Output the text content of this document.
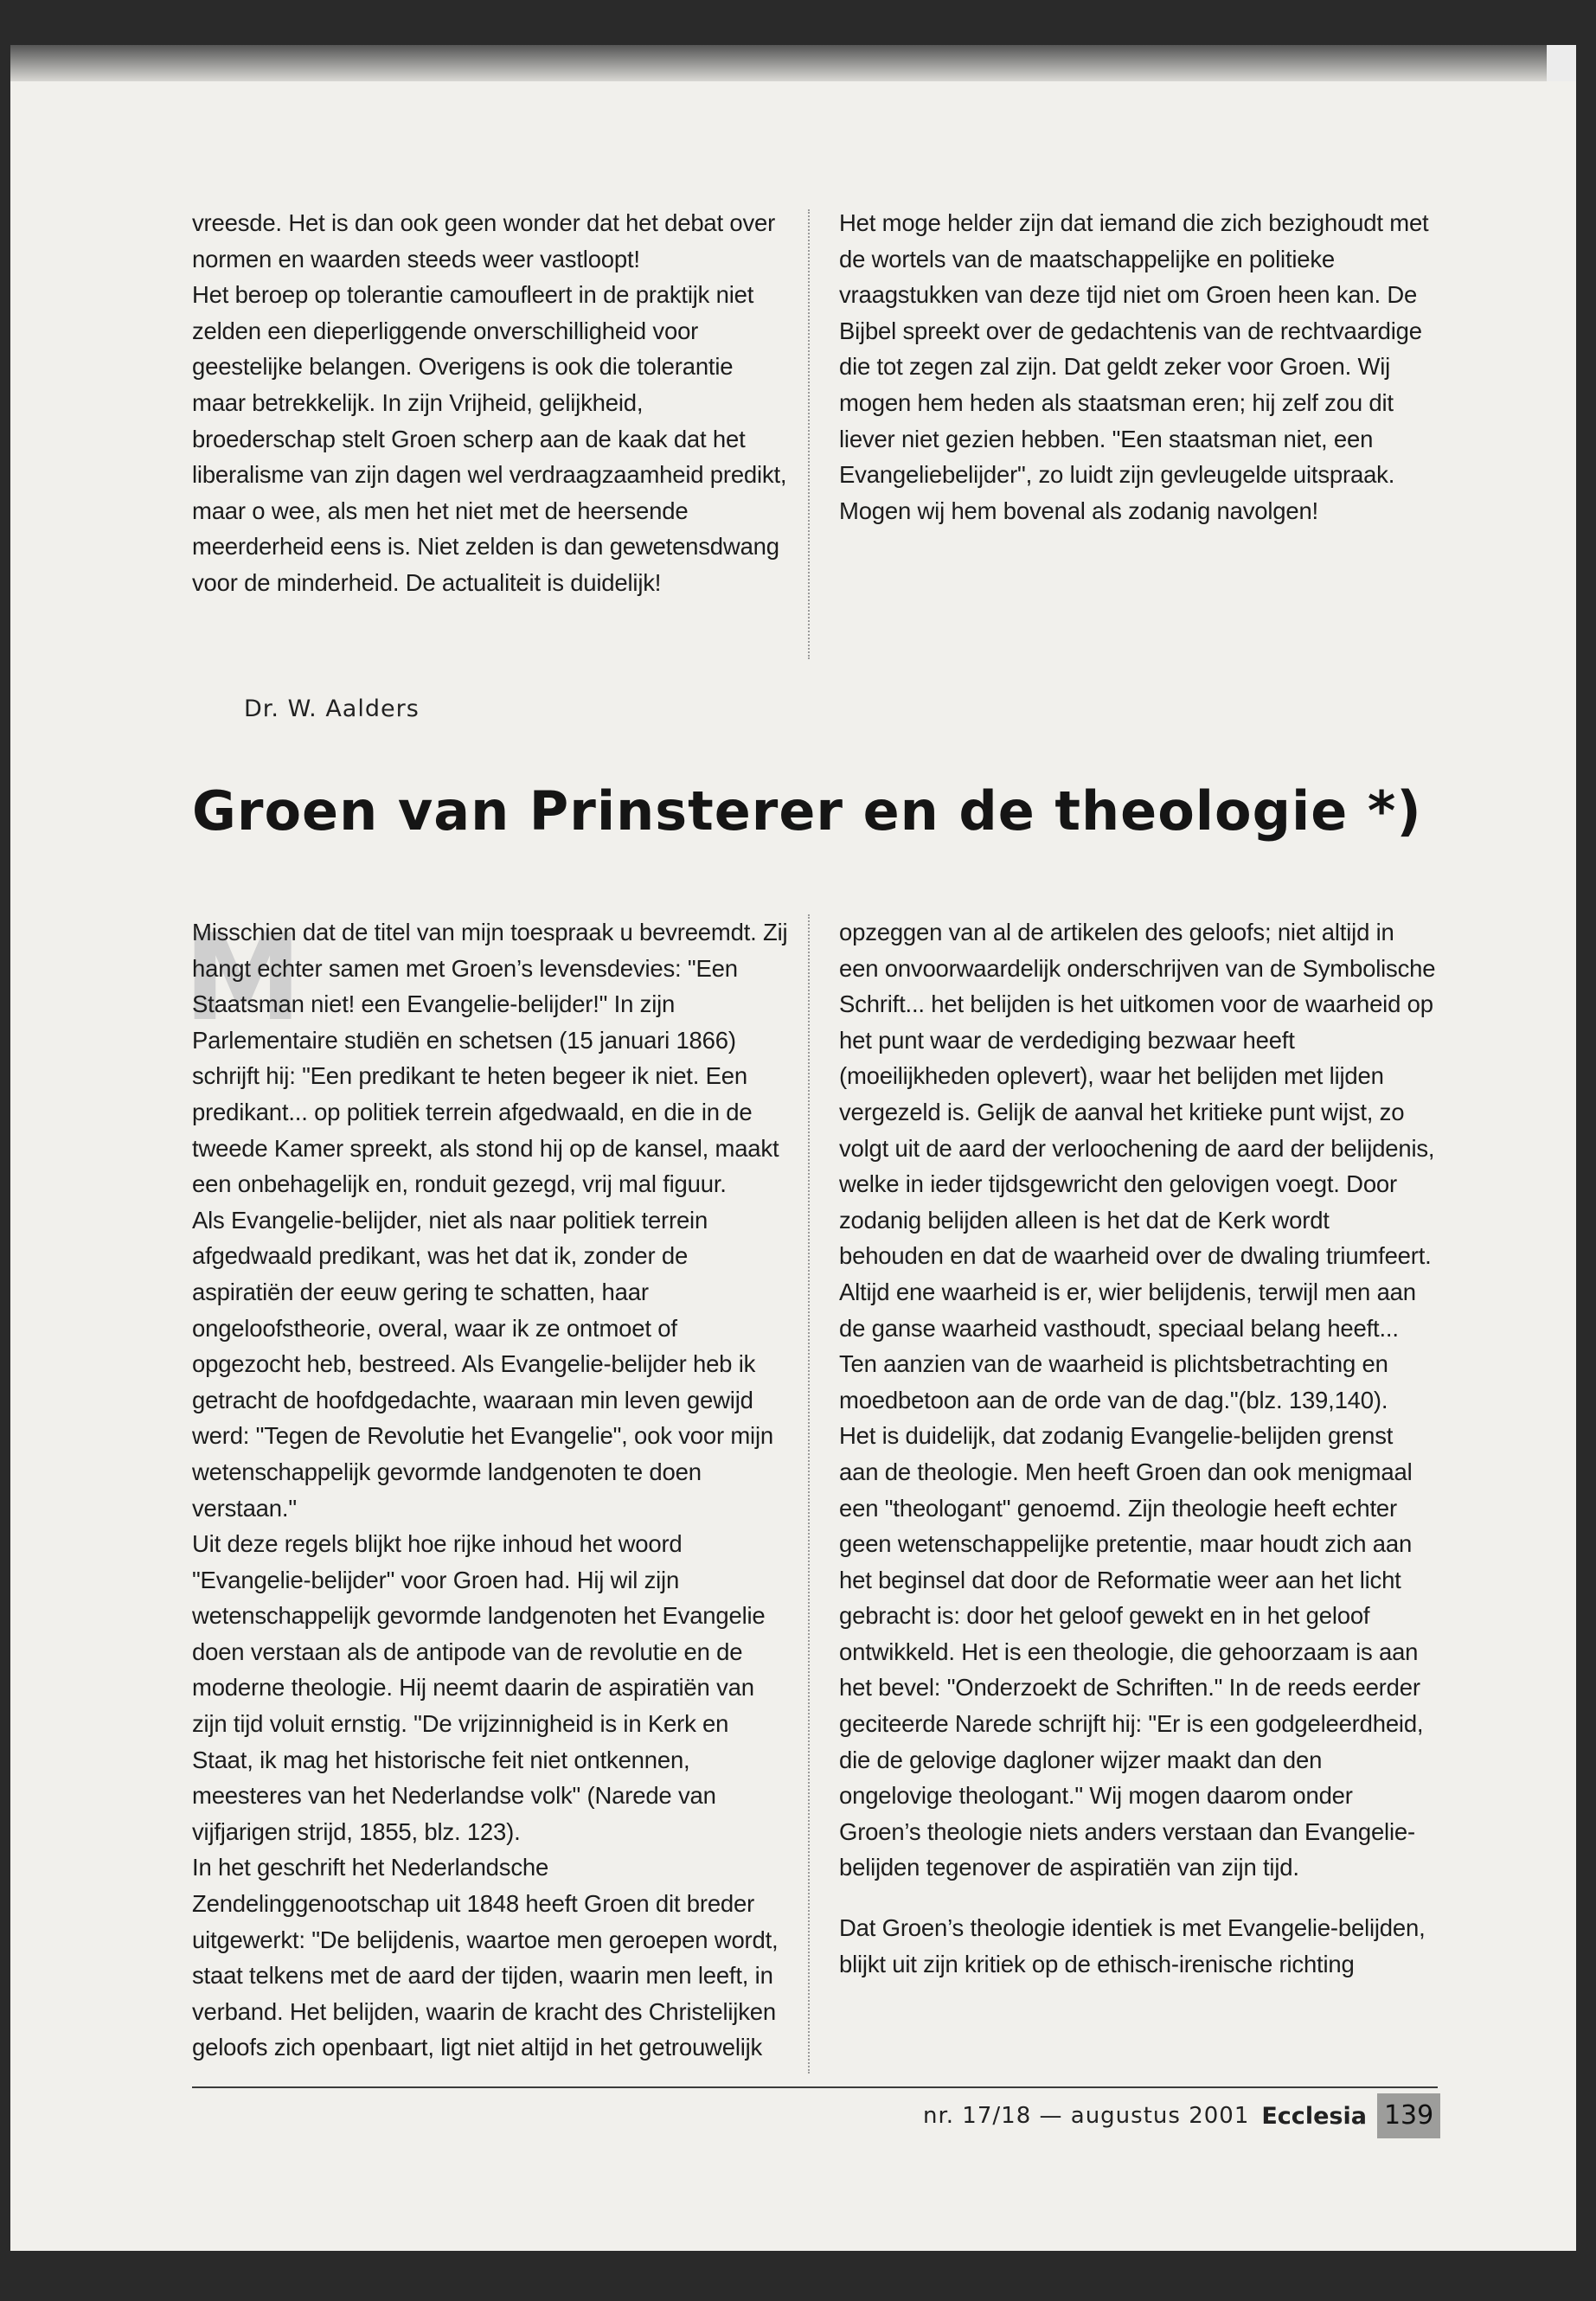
vreesde. Het is dan ook geen wonder dat het debat over normen en waarden steeds weer vastloopt!

Het beroep op tolerantie camoufleert in de praktijk niet zelden een dieperliggende onverschilligheid voor geestelijke belangen. Overigens is ook die tolerantie maar betrekkelijk. In zijn Vrijheid, gelijkheid, broederschap stelt Groen scherp aan de kaak dat het liberalisme van zijn dagen wel verdraagzaamheid predikt, maar o wee, als men het niet met de heersende meerderheid eens is. Niet zelden is dan gewetensdwang voor de minderheid. De actualiteit is duidelijk!

Het moge helder zijn dat iemand die zich bezighoudt met de wortels van de maatschappelijke en politieke vraagstukken van deze tijd niet om Groen heen kan. De Bijbel spreekt over de gedachtenis van de rechtvaardige die tot zegen zal zijn. Dat geldt zeker voor Groen. Wij mogen hem heden als staatsman eren; hij zelf zou dit liever niet gezien hebben. "Een staatsman niet, een Evangeliebelijder", zo luidt zijn gevleugelde uitspraak. Mogen wij hem bovenal als zodanig navolgen!

Dr. W. Aalders
Groen van Prinsterer en de theologie *)
M

Misschien dat de titel van mijn toespraak u bevreemdt. Zij hangt echter samen met Groen’s levensdevies: "Een Staatsman niet! een Evangelie-belijder!" In zijn Parlementaire studiën en schetsen (15 januari 1866) schrijft hij: "Een predikant te heten begeer ik niet. Een predikant... op politiek terrein afgedwaald, en die in de tweede Kamer spreekt, als stond hij op de kansel, maakt een onbehagelijk en, ronduit gezegd, vrij mal figuur.

Als Evangelie-belijder, niet als naar politiek terrein afgedwaald predikant, was het dat ik, zonder de aspiratiën der eeuw gering te schatten, haar ongeloofstheorie, overal, waar ik ze ontmoet of opgezocht heb, bestreed. Als Evangelie-belijder heb ik getracht de hoofdgedachte, waaraan min leven gewijd werd: "Tegen de Revolutie het Evangelie", ook voor mijn wetenschappelijk gevormde landgenoten te doen verstaan."

Uit deze regels blijkt hoe rijke inhoud het woord "Evangelie-belijder" voor Groen had. Hij wil zijn wetenschappelijk gevormde landgenoten het Evangelie doen verstaan als de antipode van de revolutie en de moderne theologie. Hij neemt daarin de aspiratiën van zijn tijd voluit ernstig. "De vrijzinnigheid is in Kerk en Staat, ik mag het historische feit niet ontkennen, meesteres van het Nederlandse volk" (Narede van vijfjarigen strijd, 1855, blz. 123).

In het geschrift het Nederlandsche Zendelinggenootschap uit 1848 heeft Groen dit breder uitgewerkt: "De belijdenis, waartoe men geroepen wordt, staat telkens met de aard der tijden, waarin men leeft, in verband. Het belijden, waarin de kracht des Christelijken geloofs zich openbaart, ligt niet altijd in het getrouwelijk

opzeggen van al de artikelen des geloofs; niet altijd in een onvoorwaardelijk onderschrijven van de Symbolische Schrift... het belijden is het uitkomen voor de waarheid op het punt waar de verdediging bezwaar heeft (moeilijkheden oplevert), waar het belijden met lijden vergezeld is. Gelijk de aanval het kritieke punt wijst, zo volgt uit de aard der verloochening de aard der belijdenis, welke in ieder tijdsgewricht den gelovigen voegt. Door zodanig belijden alleen is het dat de Kerk wordt behouden en dat de waarheid over de dwaling triumfeert. Altijd ene waarheid is er, wier belijdenis, terwijl men aan de ganse waarheid vasthoudt, speciaal belang heeft... Ten aanzien van de waarheid is plichtsbetrachting en moedbetoon aan de orde van de dag."(blz. 139,140).

Het is duidelijk, dat zodanig Evangelie-belijden grenst aan de theologie. Men heeft Groen dan ook menigmaal een "theologant" genoemd. Zijn theologie heeft echter geen wetenschappelijke pretentie, maar houdt zich aan het beginsel dat door de Reformatie weer aan het licht gebracht is: door het geloof gewekt en in het geloof ontwikkeld. Het is een theologie, die gehoorzaam is aan het bevel: "Onderzoekt de Schriften." In de reeds eerder geciteerde Narede schrijft hij: "Er is een godgeleerdheid, die de gelovige dagloner wijzer maakt dan den ongelovige theologant." Wij mogen daarom onder Groen’s theologie niets anders verstaan dan Evangelie-belijden tegenover de aspiratiën van zijn tijd.

Dat Groen’s theologie identiek is met Evangelie-belijden, blijkt uit zijn kritiek op de ethisch-irenische richting

nr. 17/18 — augustus 2001 Ecclesia 139
